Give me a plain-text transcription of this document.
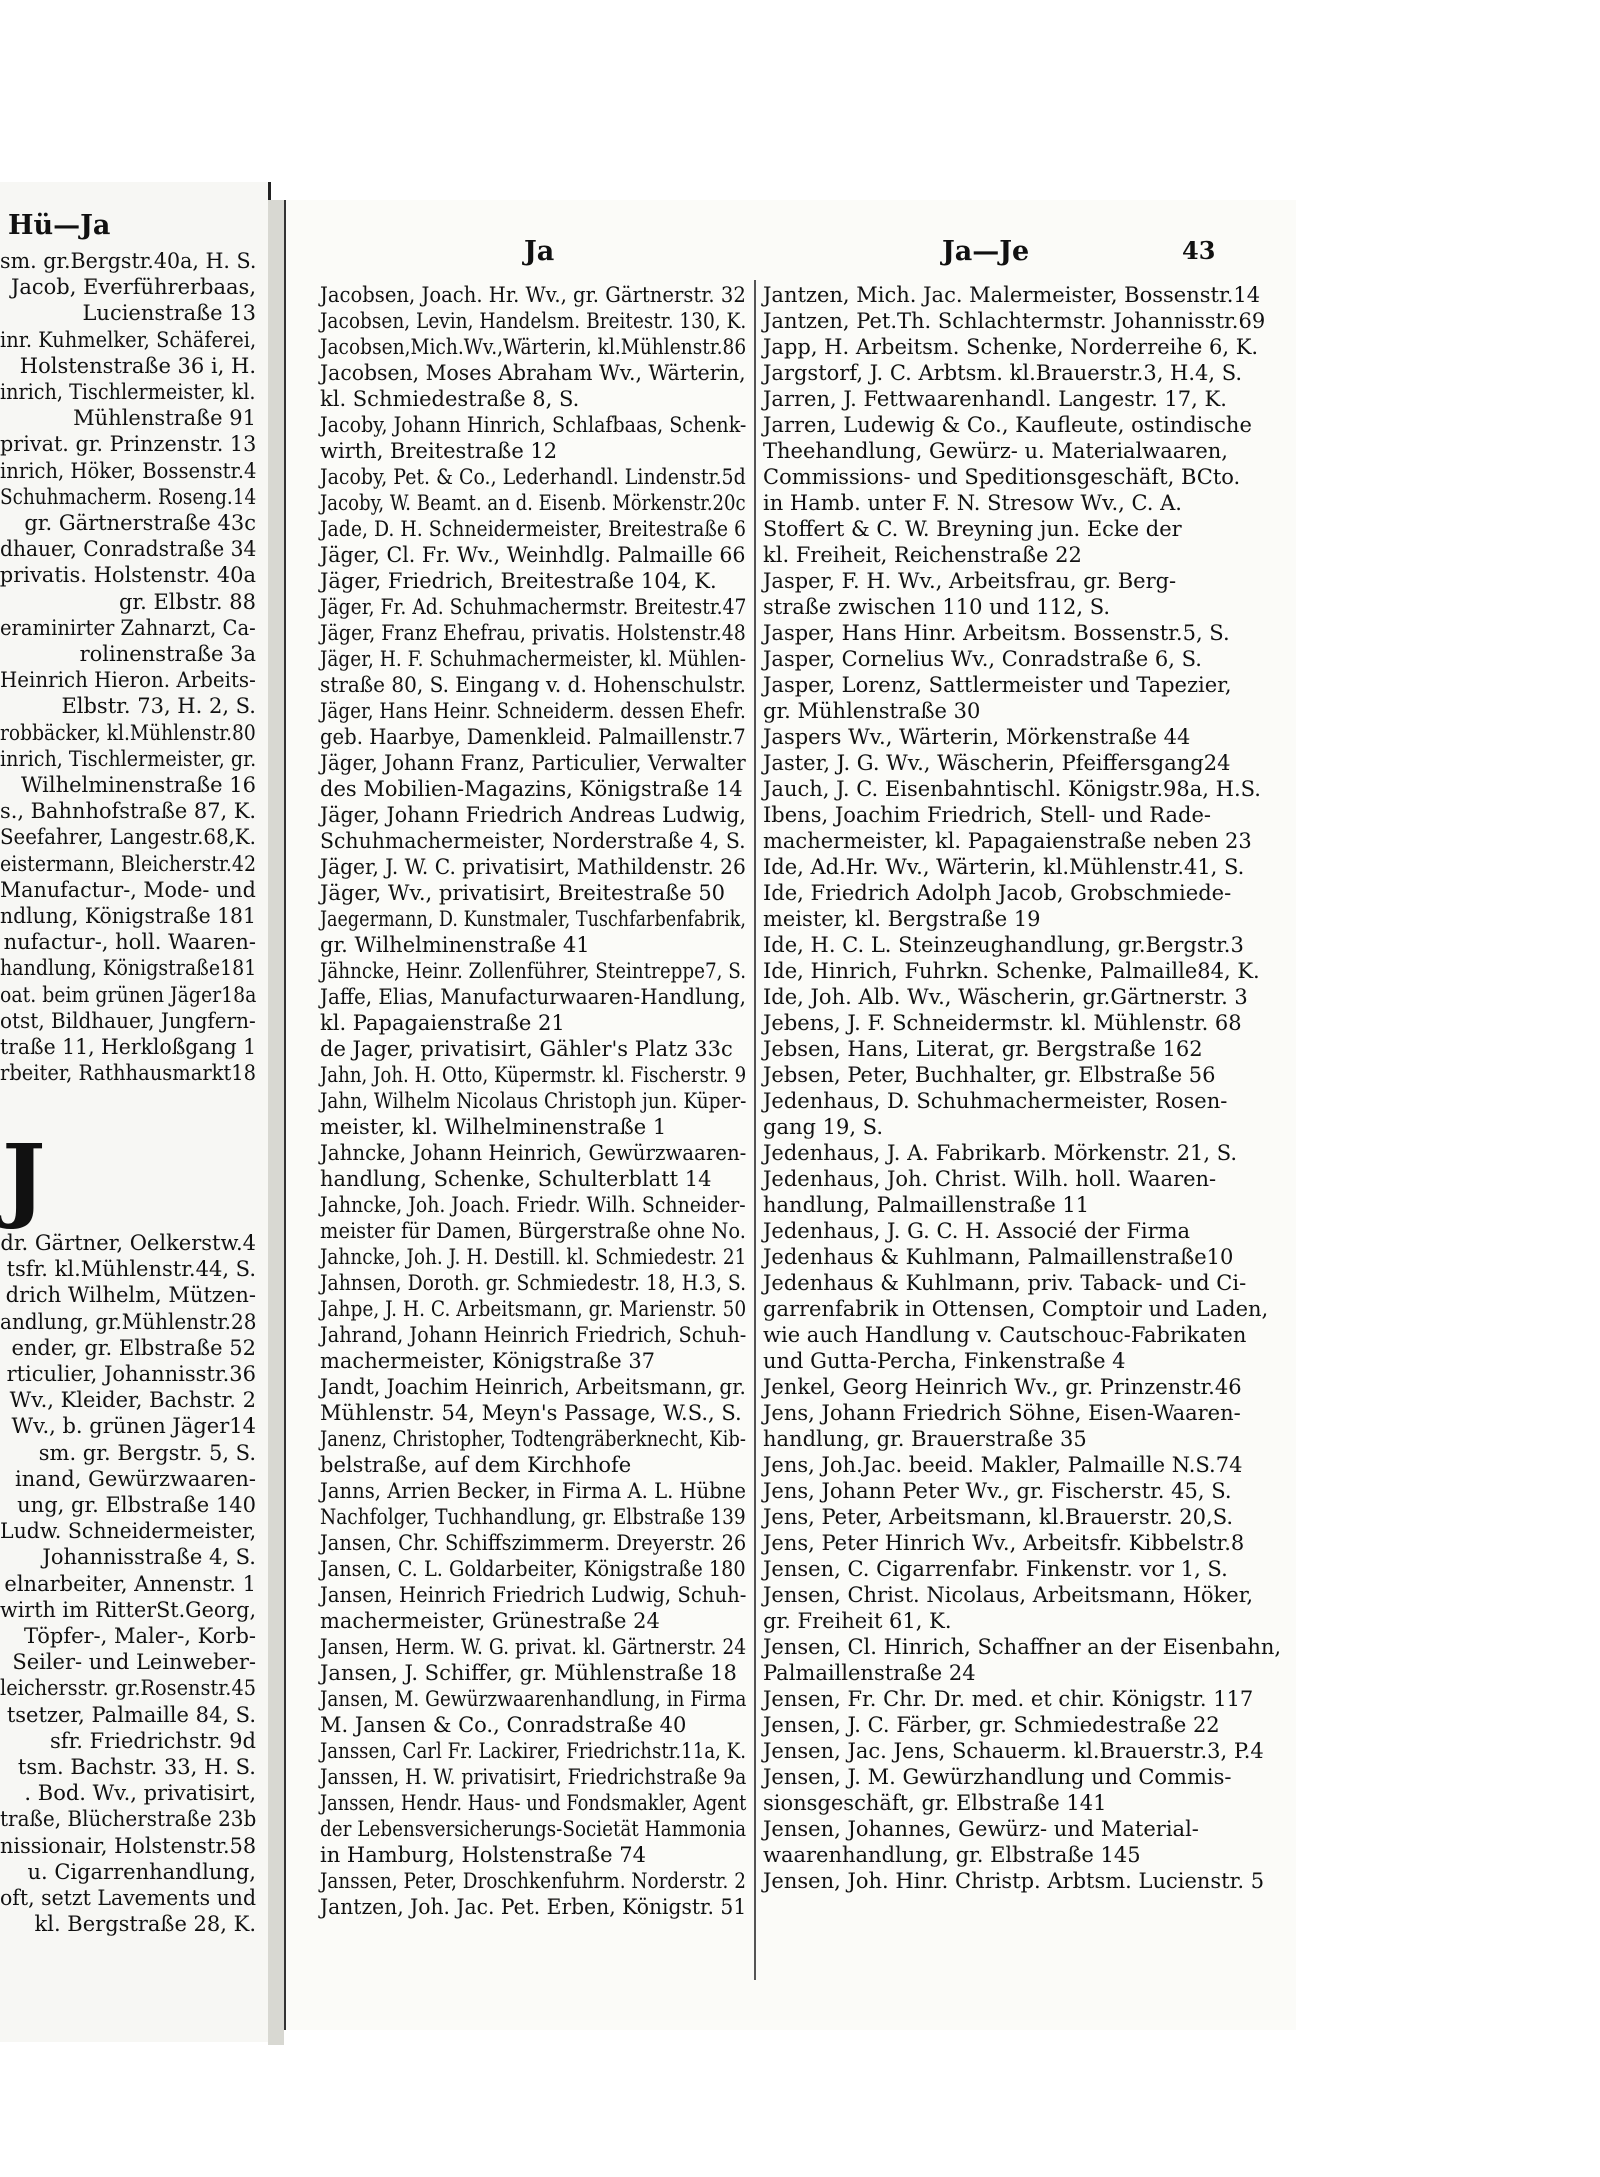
Hü—Ja
sm. gr.Bergstr.40a, H. S.
Jacob, Everführerbaas,
Lucienstraße 13
inr. Kuhmelker, Schäferei,
Holstenstraße 36 i, H.
inrich, Tischlermeister, kl.
Mühlenstraße 91
privat. gr. Prinzenstr. 13
inrich, Höker, Bossenstr.4
Schuhmacherm. Roseng.14
gr. Gärtnerstraße 43c
dhauer, Conradstraße 34
privatis. Holstenstr. 40a
gr. Elbstr. 88
eraminirter Zahnarzt, Ca-
rolinenstraße 3a
Heinrich Hieron. Arbeits-
Elbstr. 73, H. 2, S.
robbäcker, kl.Mühlenstr.80
inrich, Tischlermeister, gr.
Wilhelminenstraße 16
s., Bahnhofstraße 87, K.
Seefahrer, Langestr.68,K.
eistermann, Bleicherstr.42
Manufactur-, Mode- und
ndlung, Königstraße 181
nufactur-, holl. Waaren-
handlung, Königstraße181
oat. beim grünen Jäger18a
otst, Bildhauer, Jungfern-
traße 11, Herkloßgang 1
rbeiter, Rathhausmarkt18
J
dr. Gärtner, Oelkerstw.4
tsfr. kl.Mühlenstr.44, S.
drich Wilhelm, Mützen-
andlung, gr.Mühlenstr.28
ender, gr. Elbstraße 52
rticulier, Johannisstr.36
Wv., Kleider, Bachstr. 2
Wv., b. grünen Jäger14
sm. gr. Bergstr. 5, S.
inand, Gewürzwaaren-
ung, gr. Elbstraße 140
Ludw. Schneidermeister,
Johannisstraße 4, S.
elnarbeiter, Annenstr. 1
wirth im RitterSt.Georg,
Töpfer-, Maler-, Korb-
Seiler- und Leinweber-
leichersstr. gr.Rosenstr.45
tsetzer, Palmaille 84, S.
sfr. Friedrichstr. 9d
tsm. Bachstr. 33, H. S.
. Bod. Wv., privatisirt,
traße, Blücherstraße 23b
nissionair, Holstenstr.58
u. Cigarrenhandlung,
oft, setzt Lavements und
kl. Bergstraße 28, K.
Ja	Ja—Je	43
Jacobsen, Joach. Hr. Wv., gr. Gärtnerstr. 32
Jacobsen, Levin, Handelsm. Breitestr. 130, K.
Jacobsen,Mich.Wv.,Wärterin, kl.Mühlenstr.86
Jacobsen, Moses Abraham Wv., Wärterin,
kl. Schmiedestraße 8, S.
Jacoby, Johann Hinrich, Schlafbaas, Schenk-
wirth, Breitestraße 12
Jacoby, Pet. & Co., Lederhandl. Lindenstr.5d
Jacoby, W. Beamt. an d. Eisenb. Mörkenstr.20c
Jade, D. H. Schneidermeister, Breitestraße 6
Jäger, Cl. Fr. Wv., Weinhdlg. Palmaille 66
Jäger, Friedrich, Breitestraße 104, K.
Jäger, Fr. Ad. Schuhmachermstr. Breitestr.47
Jäger, Franz Ehefrau, privatis. Holstenstr.48
Jäger, H. F. Schuhmachermeister, kl. Mühlen-
straße 80, S. Eingang v. d. Hohenschulstr.
Jäger, Hans Heinr. Schneiderm. dessen Ehefr.
geb. Haarbye, Damenkleid. Palmaillenstr.7
Jäger, Johann Franz, Particulier, Verwalter
des Mobilien-Magazins, Königstraße 14
Jäger, Johann Friedrich Andreas Ludwig,
Schuhmachermeister, Norderstraße 4, S.
Jäger, J. W. C. privatisirt, Mathildenstr. 26
Jäger, Wv., privatisirt, Breitestraße 50
Jaegermann, D. Kunstmaler, Tuschfarbenfabrik,
gr. Wilhelminenstraße 41
Jähncke, Heinr. Zollenführer, Steintreppe7, S.
Jaffe, Elias, Manufacturwaaren-Handlung,
kl. Papagaienstraße 21
de Jager, privatisirt, Gähler's Platz 33c
Jahn, Joh. H. Otto, Küpermstr. kl. Fischerstr. 9
Jahn, Wilhelm Nicolaus Christoph jun. Küper-
meister, kl. Wilhelminenstraße 1
Jahncke, Johann Heinrich, Gewürzwaaren-
handlung, Schenke, Schulterblatt 14
Jahncke, Joh. Joach. Friedr. Wilh. Schneider-
meister für Damen, Bürgerstraße ohne No.
Jahncke, Joh. J. H. Destill. kl. Schmiedestr. 21
Jahnsen, Doroth. gr. Schmiedestr. 18, H.3, S.
Jahpe, J. H. C. Arbeitsmann, gr. Marienstr. 50
Jahrand, Johann Heinrich Friedrich, Schuh-
machermeister, Königstraße 37
Jandt, Joachim Heinrich, Arbeitsmann, gr.
Mühlenstr. 54, Meyn's Passage, W.S., S.
Janenz, Christopher, Todtengräberknecht, Kib-
belstraße, auf dem Kirchhofe
Janns, Arrien Becker, in Firma A. L. Hübne
Nachfolger, Tuchhandlung, gr. Elbstraße 139
Jansen, Chr. Schiffszimmerm. Dreyerstr. 26
Jansen, C. L. Goldarbeiter, Königstraße 180
Jansen, Heinrich Friedrich Ludwig, Schuh-
machermeister, Grünestraße 24
Jansen, Herm. W. G. privat. kl. Gärtnerstr. 24
Jansen, J. Schiffer, gr. Mühlenstraße 18
Jansen, M. Gewürzwaarenhandlung, in Firma
M. Jansen & Co., Conradstraße 40
Janssen, Carl Fr. Lackirer, Friedrichstr.11a, K.
Janssen, H. W. privatisirt, Friedrichstraße 9a
Janssen, Hendr. Haus- und Fondsmakler, Agent
der Lebensversicherungs-Societät Hammonia
in Hamburg, Holstenstraße 74
Janssen, Peter, Droschkenfuhrm. Norderstr. 2
Jantzen, Joh. Jac. Pet. Erben, Königstr. 51
Jantzen, Mich. Jac. Malermeister, Bossenstr.14
Jantzen, Pet.Th. Schlachtermstr. Johannisstr.69
Japp, H. Arbeitsm. Schenke, Norderreihe 6, K.
Jargstorf, J. C. Arbtsm. kl.Brauerstr.3, H.4, S.
Jarren, J. Fettwaarenhandl. Langestr. 17, K.
Jarren, Ludewig & Co., Kaufleute, ostindische
Theehandlung, Gewürz- u. Materialwaaren,
Commissions- und Speditionsgeschäft, BCto.
in Hamb. unter F. N. Stresow Wv., C. A.
Stoffert & C. W. Breyning jun. Ecke der
kl. Freiheit, Reichenstraße 22
Jasper, F. H. Wv., Arbeitsfrau, gr. Berg-
straße zwischen 110 und 112, S.
Jasper, Hans Hinr. Arbeitsm. Bossenstr.5, S.
Jasper, Cornelius Wv., Conradstraße 6, S.
Jasper, Lorenz, Sattlermeister und Tapezier,
gr. Mühlenstraße 30
Jaspers Wv., Wärterin, Mörkenstraße 44
Jaster, J. G. Wv., Wäscherin, Pfeiffersgang24
Jauch, J. C. Eisenbahntischl. Königstr.98a, H.S.
Ibens, Joachim Friedrich, Stell- und Rade-
machermeister, kl. Papagaienstraße neben 23
Ide, Ad.Hr. Wv., Wärterin, kl.Mühlenstr.41, S.
Ide, Friedrich Adolph Jacob, Grobschmiede-
meister, kl. Bergstraße 19
Ide, H. C. L. Steinzeughandlung, gr.Bergstr.3
Ide, Hinrich, Fuhrkn. Schenke, Palmaille84, K.
Ide, Joh. Alb. Wv., Wäscherin, gr.Gärtnerstr. 3
Jebens, J. F. Schneidermstr. kl. Mühlenstr. 68
Jebsen, Hans, Literat, gr. Bergstraße 162
Jebsen, Peter, Buchhalter, gr. Elbstraße 56
Jedenhaus, D. Schuhmachermeister, Rosen-
gang 19, S.
Jedenhaus, J. A. Fabrikarb. Mörkenstr. 21, S.
Jedenhaus, Joh. Christ. Wilh. holl. Waaren-
handlung, Palmaillenstraße 11
Jedenhaus, J. G. C. H. Associé der Firma
Jedenhaus & Kuhlmann, Palmaillenstraße10
Jedenhaus & Kuhlmann, priv. Taback- und Ci-
garrenfabrik in Ottensen, Comptoir und Laden,
wie auch Handlung v. Cautschouc-Fabrikaten
und Gutta-Percha, Finkenstraße 4
Jenkel, Georg Heinrich Wv., gr. Prinzenstr.46
Jens, Johann Friedrich Söhne, Eisen-Waaren-
handlung, gr. Brauerstraße 35
Jens, Joh.Jac. beeid. Makler, Palmaille N.S.74
Jens, Johann Peter Wv., gr. Fischerstr. 45, S.
Jens, Peter, Arbeitsmann, kl.Brauerstr. 20,S.
Jens, Peter Hinrich Wv., Arbeitsfr. Kibbelstr.8
Jensen, C. Cigarrenfabr. Finkenstr. vor 1, S.
Jensen, Christ. Nicolaus, Arbeitsmann, Höker,
gr. Freiheit 61, K.
Jensen, Cl. Hinrich, Schaffner an der Eisenbahn,
Palmaillenstraße 24
Jensen, Fr. Chr. Dr. med. et chir. Königstr. 117
Jensen, J. C. Färber, gr. Schmiedestraße 22
Jensen, Jac. Jens, Schauerm. kl.Brauerstr.3, P.4
Jensen, J. M. Gewürzhandlung und Commis-
sionsgeschäft, gr. Elbstraße 141
Jensen, Johannes, Gewürz- und Material-
waarenhandlung, gr. Elbstraße 145
Jensen, Joh. Hinr. Christp. Arbtsm. Lucienstr. 5
